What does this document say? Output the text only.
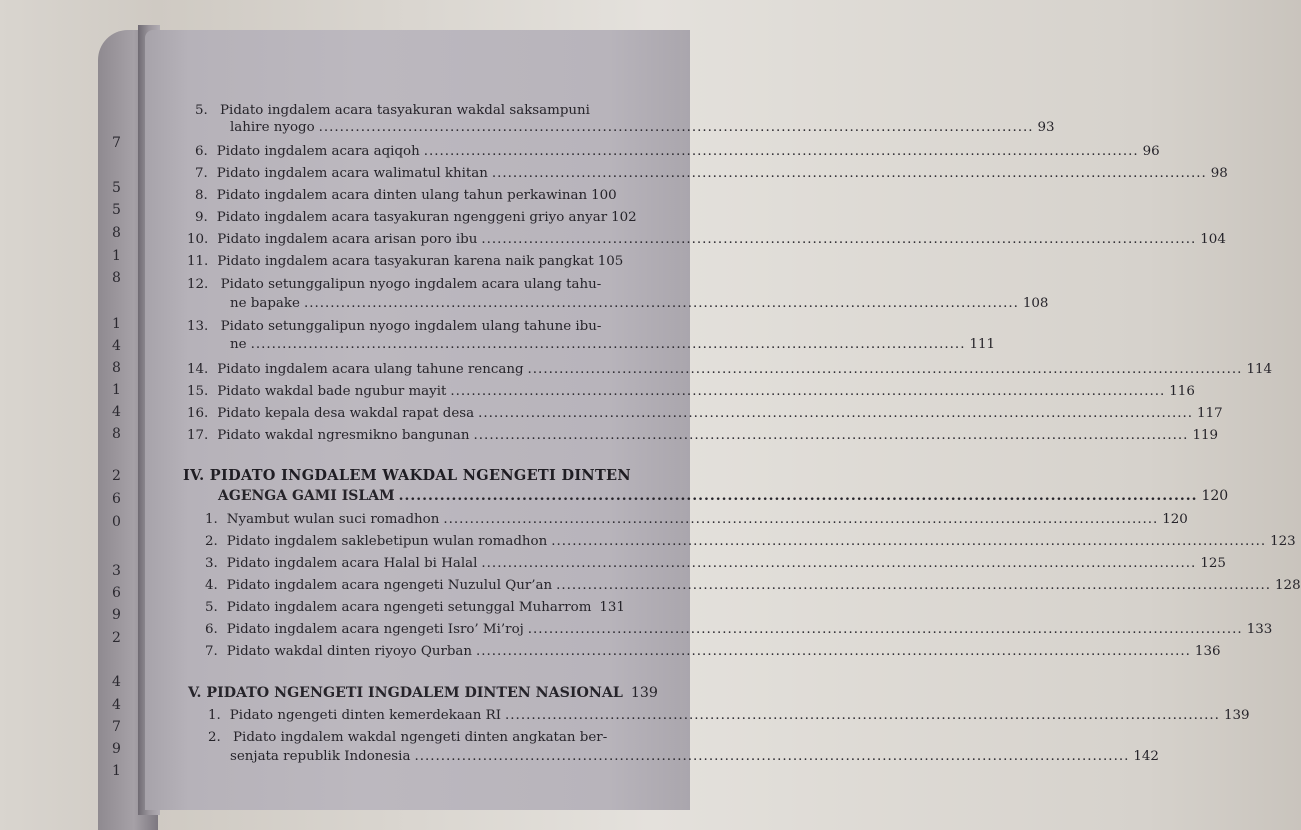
7
5
5
8
1
8
1
4
8
1
4
8
2
6
0
3
6
9
2
4
4
7
9
1
5. Pidato ingdalem acara tasyakuran wakdal saksampuni
lahire nyogo ........................................................................................................................................ 93
6. Pidato ingdalem acara aqiqoh ........................................................................................................................................ 96
7. Pidato ingdalem acara walimatul khitan ........................................................................................................................................ 98
8. Pidato ingdalem acara dinten ulang tahun perkawinan 100
9. Pidato ingdalem acara tasyakuran ngenggeni griyo anyar 102
10. Pidato ingdalem acara arisan poro ibu ........................................................................................................................................ 104
11. Pidato ingdalem acara tasyakuran karena naik pangkat 105
12. Pidato setunggalipun nyogo ingdalem acara ulang tahu-
ne bapake ........................................................................................................................................ 108
13. Pidato setunggalipun nyogo ingdalem ulang tahune ibu-
ne ........................................................................................................................................ 111
14. Pidato ingdalem acara ulang tahune rencang ........................................................................................................................................ 114
15. Pidato wakdal bade ngubur mayit ........................................................................................................................................ 116
16. Pidato kepala desa wakdal rapat desa ........................................................................................................................................ 117
17. Pidato wakdal ngresmikno bangunan ........................................................................................................................................ 119
IV. PIDATO INGDALEM WAKDAL NGENGETI DINTEN
AGENGA GAMI ISLAM ........................................................................................................................................ 120
1. Nyambut wulan suci romadhon ........................................................................................................................................ 120
2. Pidato ingdalem saklebetipun wulan romadhon ........................................................................................................................................ 123
3. Pidato ingdalem acara Halal bi Halal ........................................................................................................................................ 125
4. Pidato ingdalem acara ngengeti Nuzulul Qur’an ........................................................................................................................................ 128
5. Pidato ingdalem acara ngengeti setunggal Muharrom 131
6. Pidato ingdalem acara ngengeti Isro’ Mi’roj ........................................................................................................................................ 133
7. Pidato wakdal dinten riyoyo Qurban ........................................................................................................................................ 136
V. PIDATO NGENGETI INGDALEM DINTEN NASIONAL 139
1. Pidato ngengeti dinten kemerdekaan RI ........................................................................................................................................ 139
2. Pidato ingdalem wakdal ngengeti dinten angkatan ber-
senjata republik Indonesia ........................................................................................................................................ 142
